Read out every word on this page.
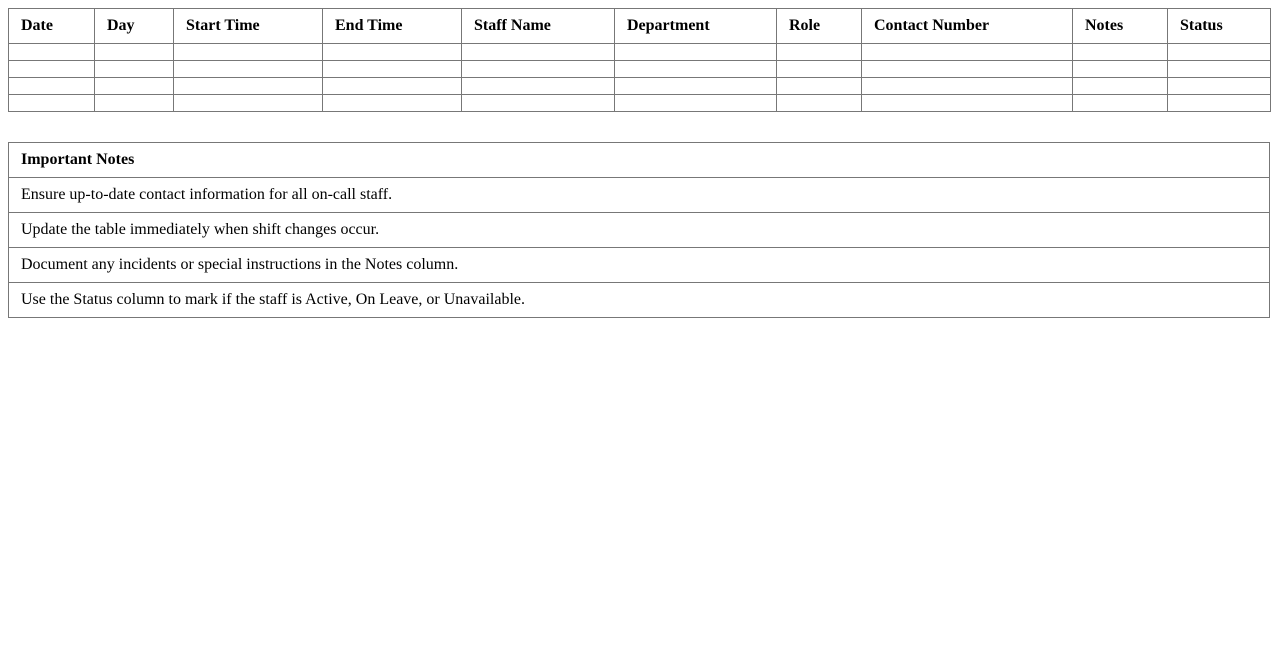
Date	Day	Start Time	End Time	Staff Name	Department	Role	Contact Number	Notes	Status

Important Notes
Ensure up-to-date contact information for all on-call staff.
Update the table immediately when shift changes occur.
Document any incidents or special instructions in the Notes column.
Use the Status column to mark if the staff is Active, On Leave, or Unavailable.
